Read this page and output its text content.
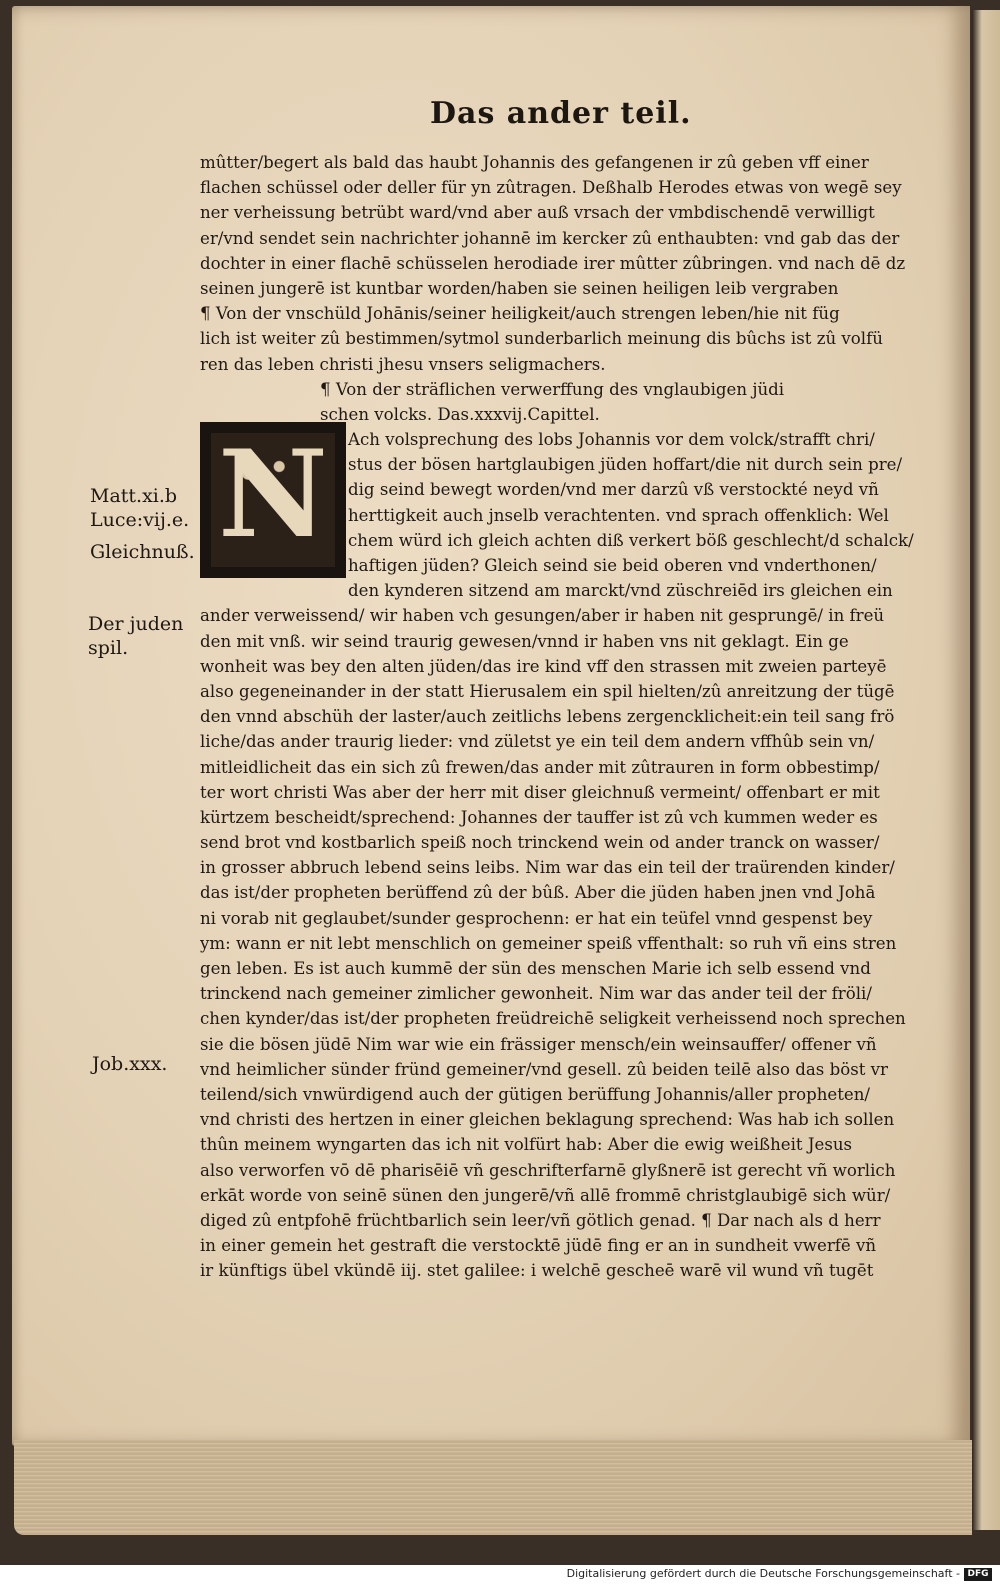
Das ander teil.
Matt.xi.b
Luce:vij.e.
Gleichnuß.
Der juden
spil.
Job.xxx.
N
mûtter/begert als bald das haubt Johannis des gefangenen ir zû geben vff einer
flachen schüssel oder deller für yn zûtragen. Deßhalb Herodes etwas von wegē sey
ner verheissung betrübt ward/vnd aber auß vrsach der vmbdischendē verwilligt
er/vnd sendet sein nachrichter johannē im kercker zû enthaubten: vnd gab das der
dochter in einer flachē schüsselen herodiade irer mûtter zûbringen. vnd nach dē dz
seinen jungerē ist kuntbar worden/haben sie seinen heiligen leib vergraben
¶ Von der vnschüld Johānis/seiner heiligkeit/auch strengen leben/hie nit füg
lich ist weiter zû bestimmen/sytmol sunderbarlich meinung dis bûchs ist zû volfü
ren das leben christi jhesu vnsers seligmachers.
¶ Von der sträflichen verwerffung des vnglaubigen jüdi
schen volcks. Das.xxxvij.Capittel.
Ach volsprechung des lobs Johannis vor dem volck/strafft chri/
stus der bösen hartglaubigen jüden hoffart/die nit durch sein pre/
dig seind bewegt worden/vnd mer darzû vß verstockté neyd vñ
herttigkeit auch jnselb verachtenten. vnd sprach offenklich: Wel
chem würd ich gleich achten diß verkert böß geschlecht/d schalck/
haftigen jüden? Gleich seind sie beid oberen vnd vnderthonen/
den kynderen sitzend am marckt/vnd züschreiēd irs gleichen ein
ander verweissend/ wir haben vch gesungen/aber ir haben nit gesprungē/ in freü
den mit vnß. wir seind traurig gewesen/vnnd ir haben vns nit geklagt. Ein ge
wonheit was bey den alten jüden/das ire kind vff den strassen mit zweien parteyē
also gegeneinander in der statt Hierusalem ein spil hielten/zû anreitzung der tügē
den vnnd abschüh der laster/auch zeitlichs lebens zergencklicheit:ein teil sang frö
liche/das ander traurig lieder: vnd zületst ye ein teil dem andern vffhûb sein vn/
mitleidlicheit das ein sich zû frewen/das ander mit zûtrauren in form obbestimp/
ter wort christi Was aber der herr mit diser gleichnuß vermeint/ offenbart er mit
kürtzem bescheidt/sprechend: Johannes der tauffer ist zû vch kummen weder es
send brot vnd kostbarlich speiß noch trinckend wein od ander tranck on wasser/
in grosser abbruch lebend seins leibs. Nim war das ein teil der traürenden kinder/
das ist/der propheten berüffend zû der bûß. Aber die jüden haben jnen vnd Johā
ni vorab nit geglaubet/sunder gesprochenn: er hat ein teüfel vnnd gespenst bey
ym: wann er nit lebt menschlich on gemeiner speiß vffenthalt: so ruh vñ eins stren
gen leben. Es ist auch kummē der sün des menschen Marie ich selb essend vnd
trinckend nach gemeiner zimlicher gewonheit. Nim war das ander teil der fröli/
chen kynder/das ist/der propheten freüdreichē seligkeit verheissend noch sprechen
sie die bösen jüdē Nim war wie ein frässiger mensch/ein weinsauffer/ offener vñ
vnd heimlicher sünder fründ gemeiner/vnd gesell. zû beiden teilē also das böst vr
teilend/sich vnwürdigend auch der gütigen berüffung Johannis/aller propheten/
vnd christi des hertzen in einer gleichen beklagung sprechend: Was hab ich sollen
thûn meinem wyngarten das ich nit volfürt hab: Aber die ewig weißheit Jesus
also verworfen vō dē pharisēiē vñ geschrifterfarnē glyßnerē ist gerecht vñ worlich
erkāt worde von seinē sünen den jungerē/vñ allē frommē christglaubigē sich wür/
diged zû entpfohē früchtbarlich sein leer/vñ götlich genad. ¶ Dar nach als d herr
in einer gemein het gestraft die verstocktē jüdē fing er an in sundheit vwerfē vñ
ir künftigs übel vkündē iij. stet galilee: i welchē gescheē warē vil wund vñ tugēt
Digitalisierung gefördert durch die Deutsche Forschungsgemeinschaft - DFG
